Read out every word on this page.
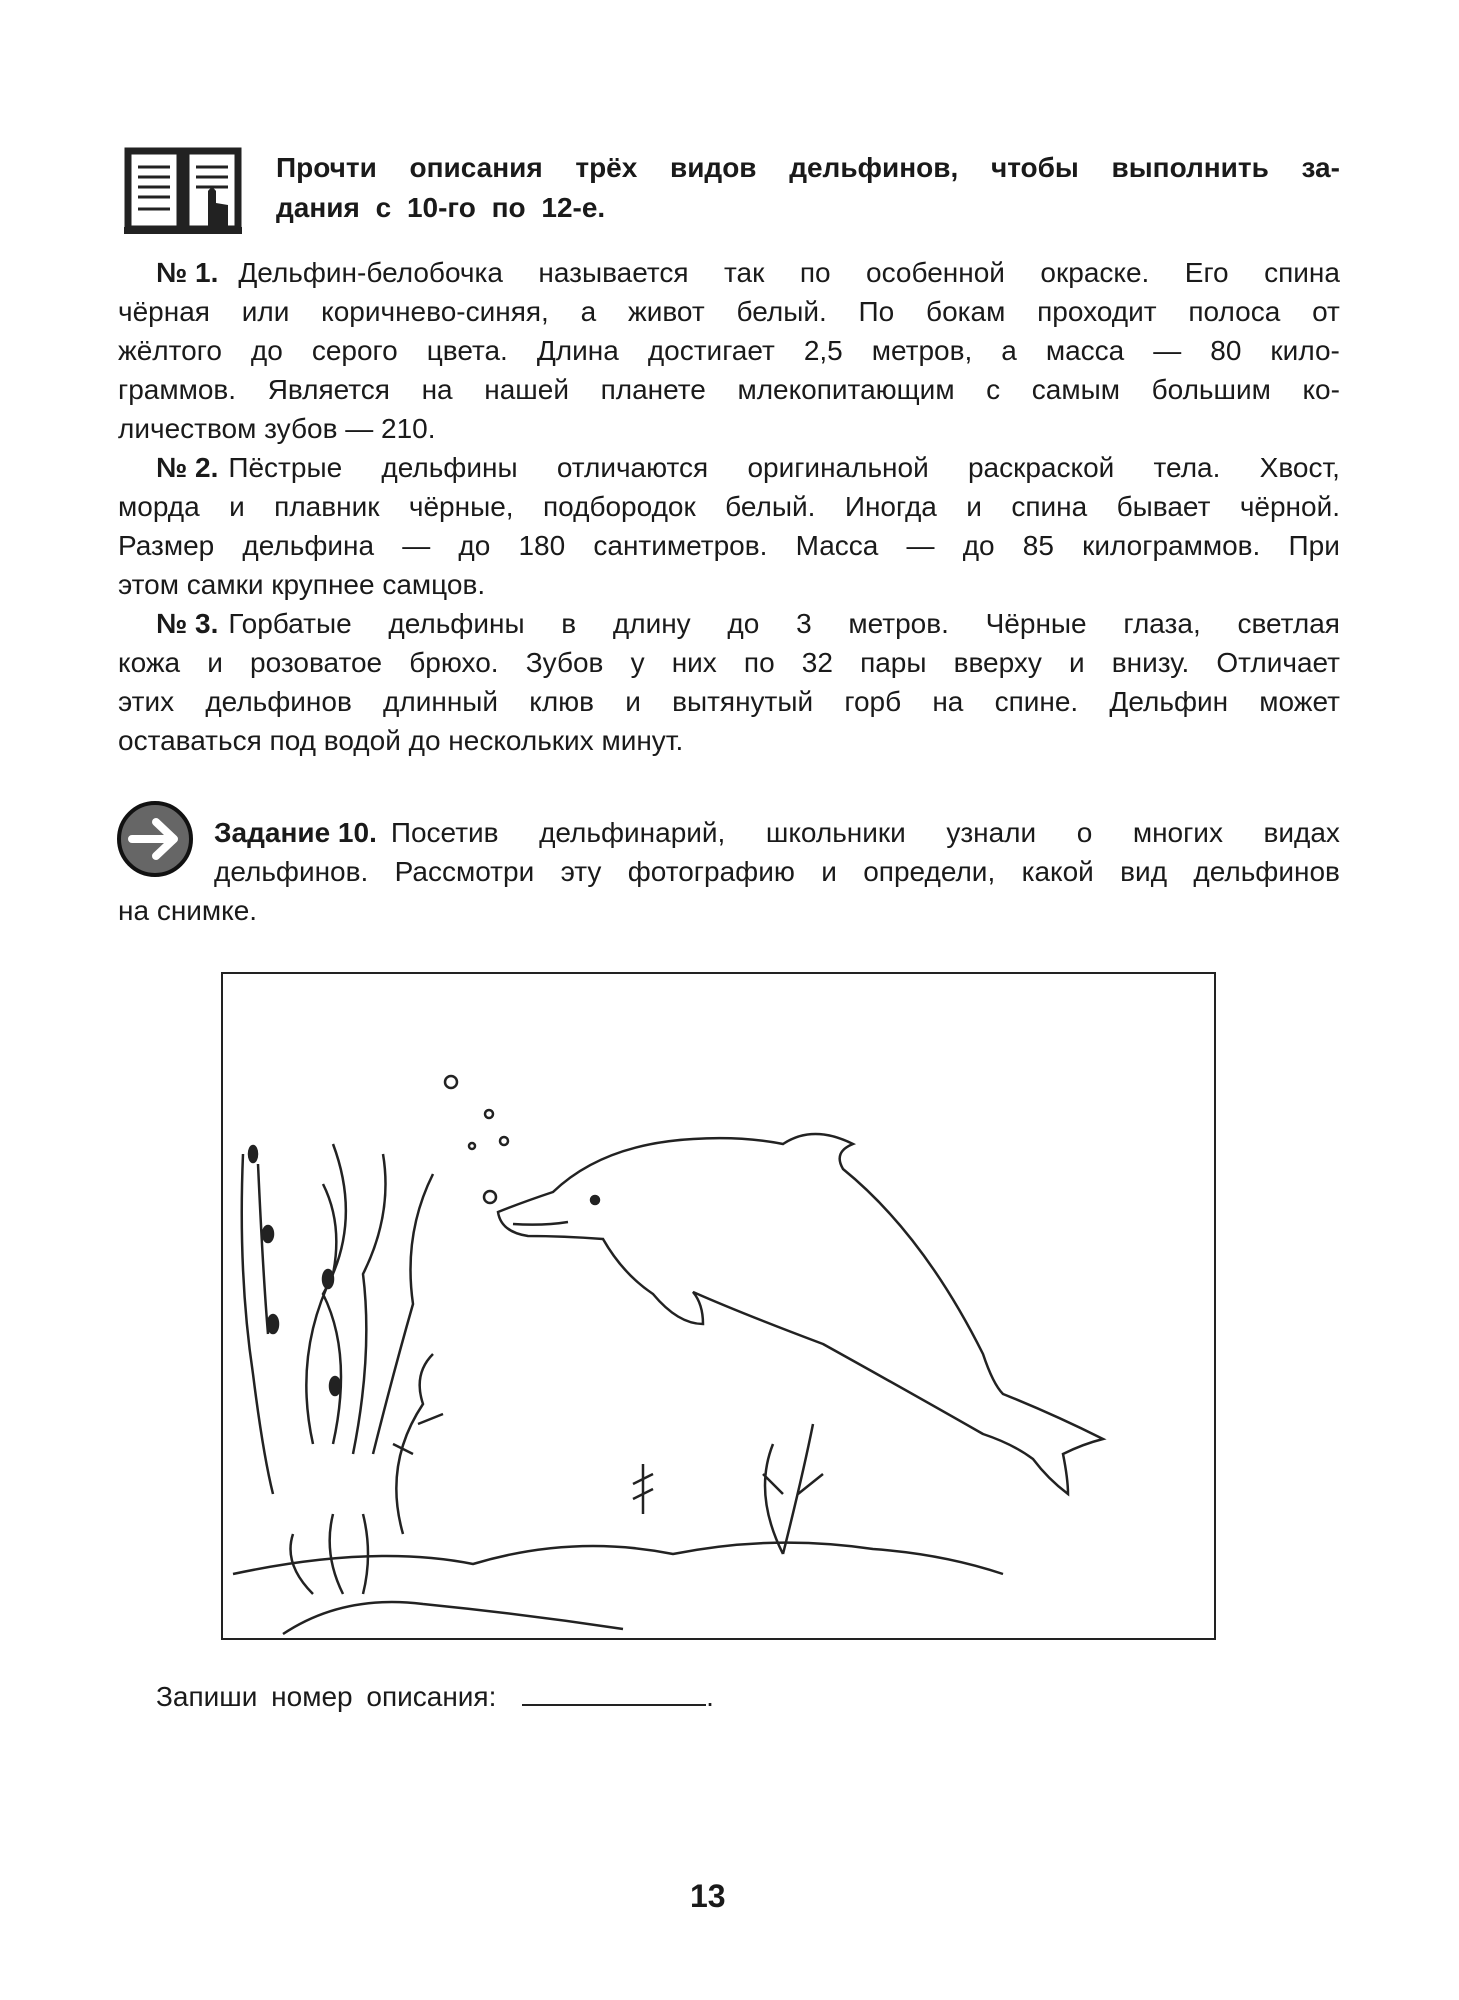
Прочти описания трёх видов дельфинов, чтобы выполнить за-
дания с 10-го по 12-е.
№ 1. Дельфин-белобочка называется так по особенной окраске. Его спина
чёрная или коричнево-синяя, а живот белый. По бокам проходит полоса от
жёлтого до серого цвета. Длина достигает 2,5 метров, а масса — 80 кило-
граммов. Является на нашей планете млекопитающим с самым большим ко-
личеством зубов — 210.
№ 2. Пёстрые дельфины отличаются оригинальной раскраской тела. Хвост,
морда и плавник чёрные, подбородок белый. Иногда и спина бывает чёрной.
Размер дельфина — до 180 сантиметров. Масса — до 85 килограммов. При
этом самки крупнее самцов.
№ 3. Горбатые дельфины в длину до 3 метров. Чёрные глаза, светлая
кожа и розоватое брюхо. Зубов у них по 32 пары вверху и внизу. Отличает
этих дельфинов длинный клюв и вытянутый горб на спине. Дельфин может
оставаться под водой до нескольких минут.
Задание 10. Посетив дельфинарий, школьники узнали о многих видах
дельфинов. Рассмотри эту фотографию и определи, какой вид дельфинов
на снимке.
Запиши номер описания:	.
13
